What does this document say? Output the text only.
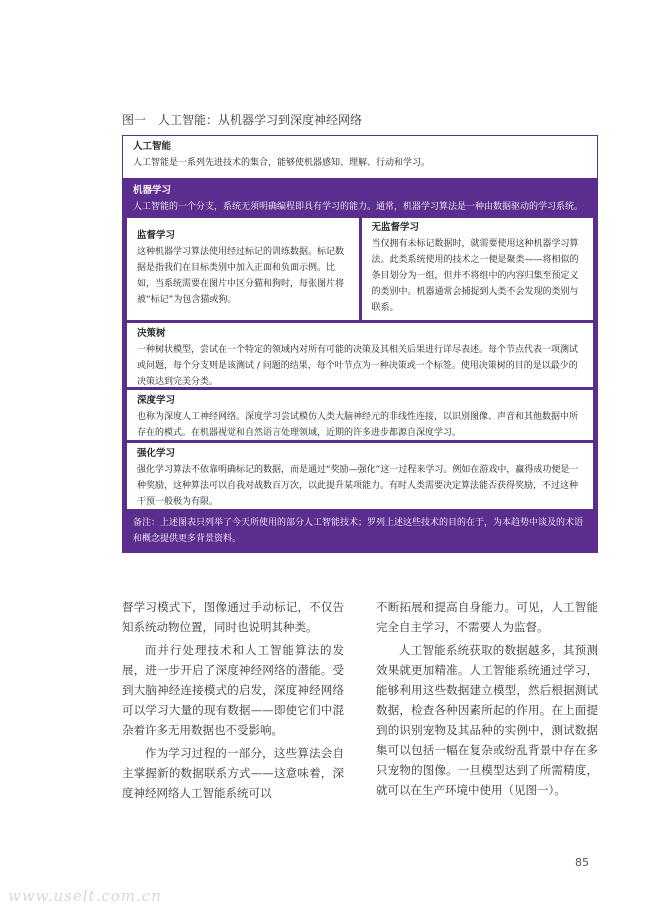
图一 人工智能：从机器学习到深度神经网络
人工智能

人工智能是一系列先进技术的集合，能够使机器感知、理解、行动和学习。

机器学习

人工智能的一个分支，系统无须明确编程即具有学习的能力。通常，机器学习算法是一种由数据驱动的学习系统。

监督学习

这种机器学习算法使用经过标记的训练数据。标记数据是指我们在目标类别中加入正面和负面示例。比如，当系统需要在图片中区分猫和狗时，每张图片将被“标记”为包含猫或狗。

无监督学习

当仅拥有未标记数据时，就需要使用这种机器学习算法。此类系统使用的技术之一便是聚类——将相似的条目划分为一组，但并不将组中的内容归集至预定义的类别中。机器通常会捕捉到人类不会发现的类别与联系。

决策树

一种树状模型，尝试在一个特定的领域内对所有可能的决策及其相关后果进行详尽表述。每个节点代表一项测试或问题，每个分支则是该测试 / 问题的结果，每个叶节点为一种决策或一个标签。使用决策树的目的是以最少的决策达到完美分类。

深度学习

也称为深度人工神经网络。深度学习尝试模仿人类大脑神经元的非线性连接，以识别图像、声音和其他数据中所存在的模式。在机器视觉和自然语言处理领域，近期的许多进步都源自深度学习。

强化学习

强化学习算法不依靠明确标记的数据，而是通过“奖励—强化”这一过程来学习。例如在游戏中，赢得成功便是一种奖励，这种算法可以自我对战数百万次，以此提升某项能力。有时人类需要决定算法能否获得奖励，不过这种干预一般极为有限。

备注：上述图表只列举了今天所使用的部分人工智能技术；罗列上述这些技术的目的在于，为本趋势中谈及的术语和概念提供更多背景资料。

督学习模式下，图像通过手动标记，不仅告知系统动物位置，同时也说明其种类。

而并行处理技术和人工智能算法的发展，进一步开启了深度神经网络的潜能。受到大脑神经连接模式的启发，深度神经网络可以学习大量的现有数据——即使它们中混杂着许多无用数据也不受影响。

作为学习过程的一部分，这些算法会自主掌握新的数据联系方式——这意味着，深度神经网络人工智能系统可以

不断拓展和提高自身能力。可见，人工智能完全自主学习，不需要人为监督。

人工智能系统获取的数据越多，其预测效果就更加精准。人工智能系统通过学习，能够利用这些数据建立模型，然后根据测试数据，检查各种因素所起的作用。在上面提到的识别宠物及其品种的实例中，测试数据集可以包括一幅在复杂或纷乱背景中存在多只宠物的图像。一旦模型达到了所需精度，就可以在生产环境中使用（见图一）。

85
www.uselt.com.cn
